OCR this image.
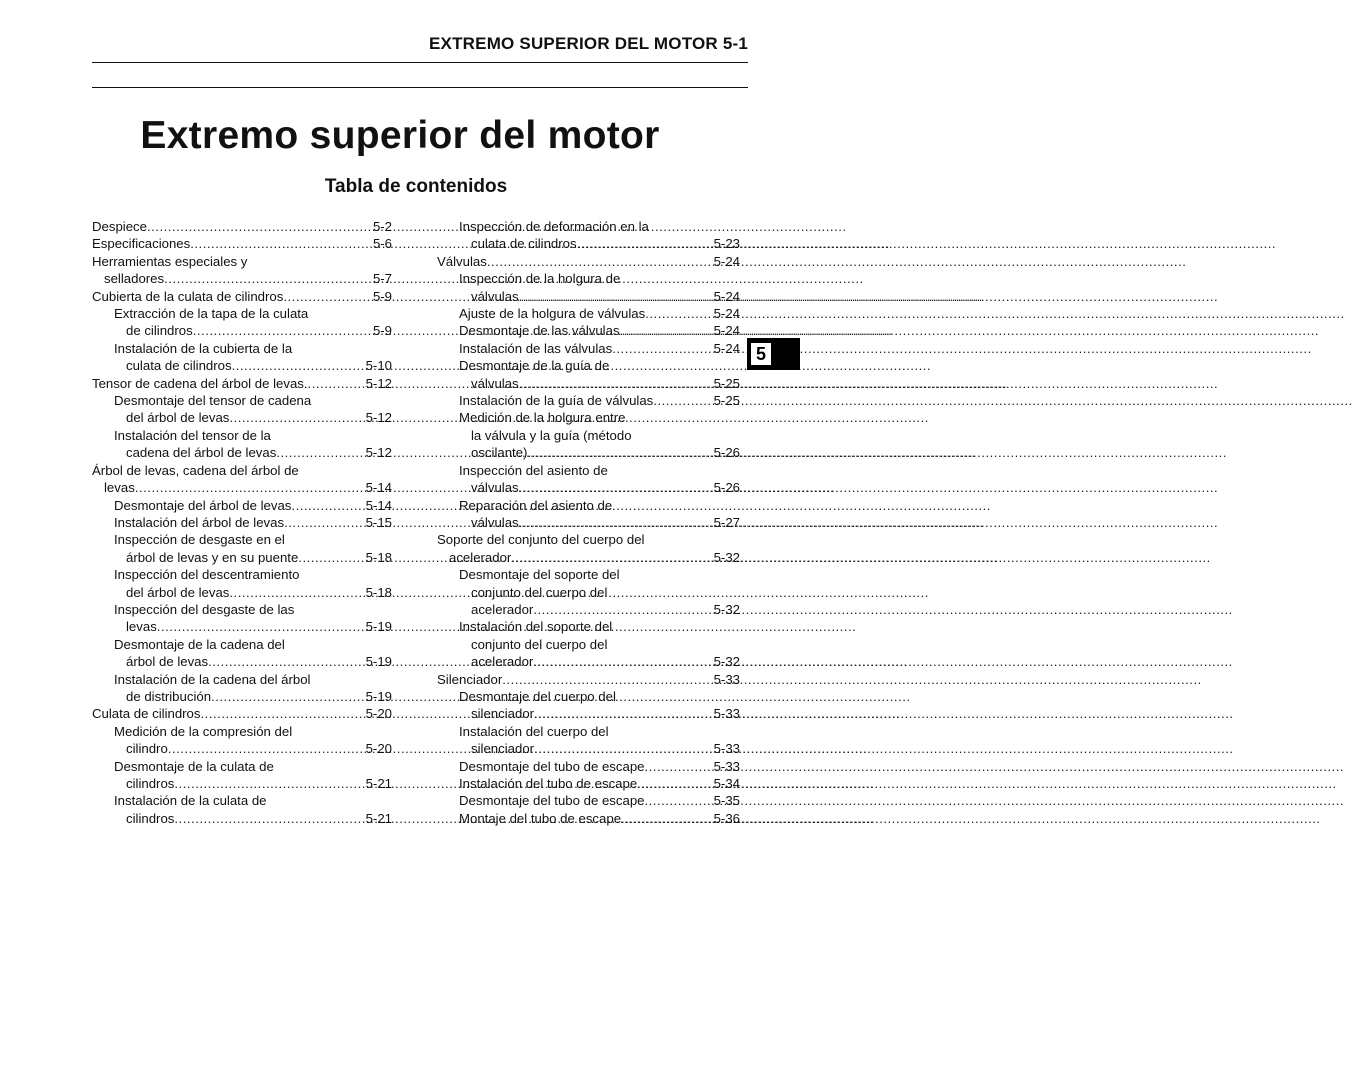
EXTREMO SUPERIOR DEL MOTOR 5-1
Extremo superior del motor
Tabla de contenidos
Despiece .....	5-2
Especificaciones .....	5-6
Herramientas especiales y
selladores .....	5-7
Cubierta de la culata de cilindros .....	5-9
Extracción de la tapa de la culata
de cilindros .....	5-9
Instalación de la cubierta de la
culata de cilindros .....	5-10
Tensor de cadena del árbol de levas. .....	5-12
Desmontaje del tensor de cadena
del árbol de levas .....	5-12
Instalación del tensor de la
cadena del árbol de levas .....	5-12
Árbol de levas, cadena del árbol de
levas .....	5-14
Desmontaje del árbol de levas .....	5-14
Instalación del árbol de levas .....	5-15
Inspección de desgaste en el
árbol de levas y en su puente .....	5-18
Inspección del descentramiento
del árbol de levas .....	5-18
Inspección del desgaste de las
levas .....	5-19
Desmontaje de la cadena del
árbol de levas .....	5-19
Instalación de la cadena del árbol
de distribución .....	5-19
Culata de cilindros .....	5-20
Medición de la compresión del
cilindro .....	5-20
Desmontaje de la culata de
cilindros .....	5-21
Instalación de la culata de
cilindros .....	5-21
Inspección de deformación en la
culata de cilindros .....	5-23
Válvulas .....	5-24
Inspección de la holgura de
válvulas .....	5-24
Ajuste de la holgura de válvulas .....	5-24
Desmontaje de las válvulas .....	5-24
Instalación de las válvulas .....	5-24
Desmontaje de la guía de
válvulas .....	5-25
Instalación de la guía de válvulas .....	5-25
Medición de la holgura entre
la válvula y la guía (método
oscilante) .....	5-26
Inspección del asiento de
válvulas .....	5-26
Reparación del asiento de
válvulas .....	5-27
Soporte del conjunto del cuerpo del
acelerador .....	5-32
Desmontaje del soporte del
conjunto del cuerpo del
acelerador .....	5-32
Instalación del soporte del
conjunto del cuerpo del
acelerador .....	5-32
Silenciador .....	5-33
Desmontaje del cuerpo del
silenciador .....	5-33
Instalación del cuerpo del
silenciador .....	5-33
Desmontaje del tubo de escape .....	5-33
Instalación del tubo de escape .....	5-34
Desmontaje del tubo de escape .....	5-35
Montaje del tubo de escape .....	5-36
5
